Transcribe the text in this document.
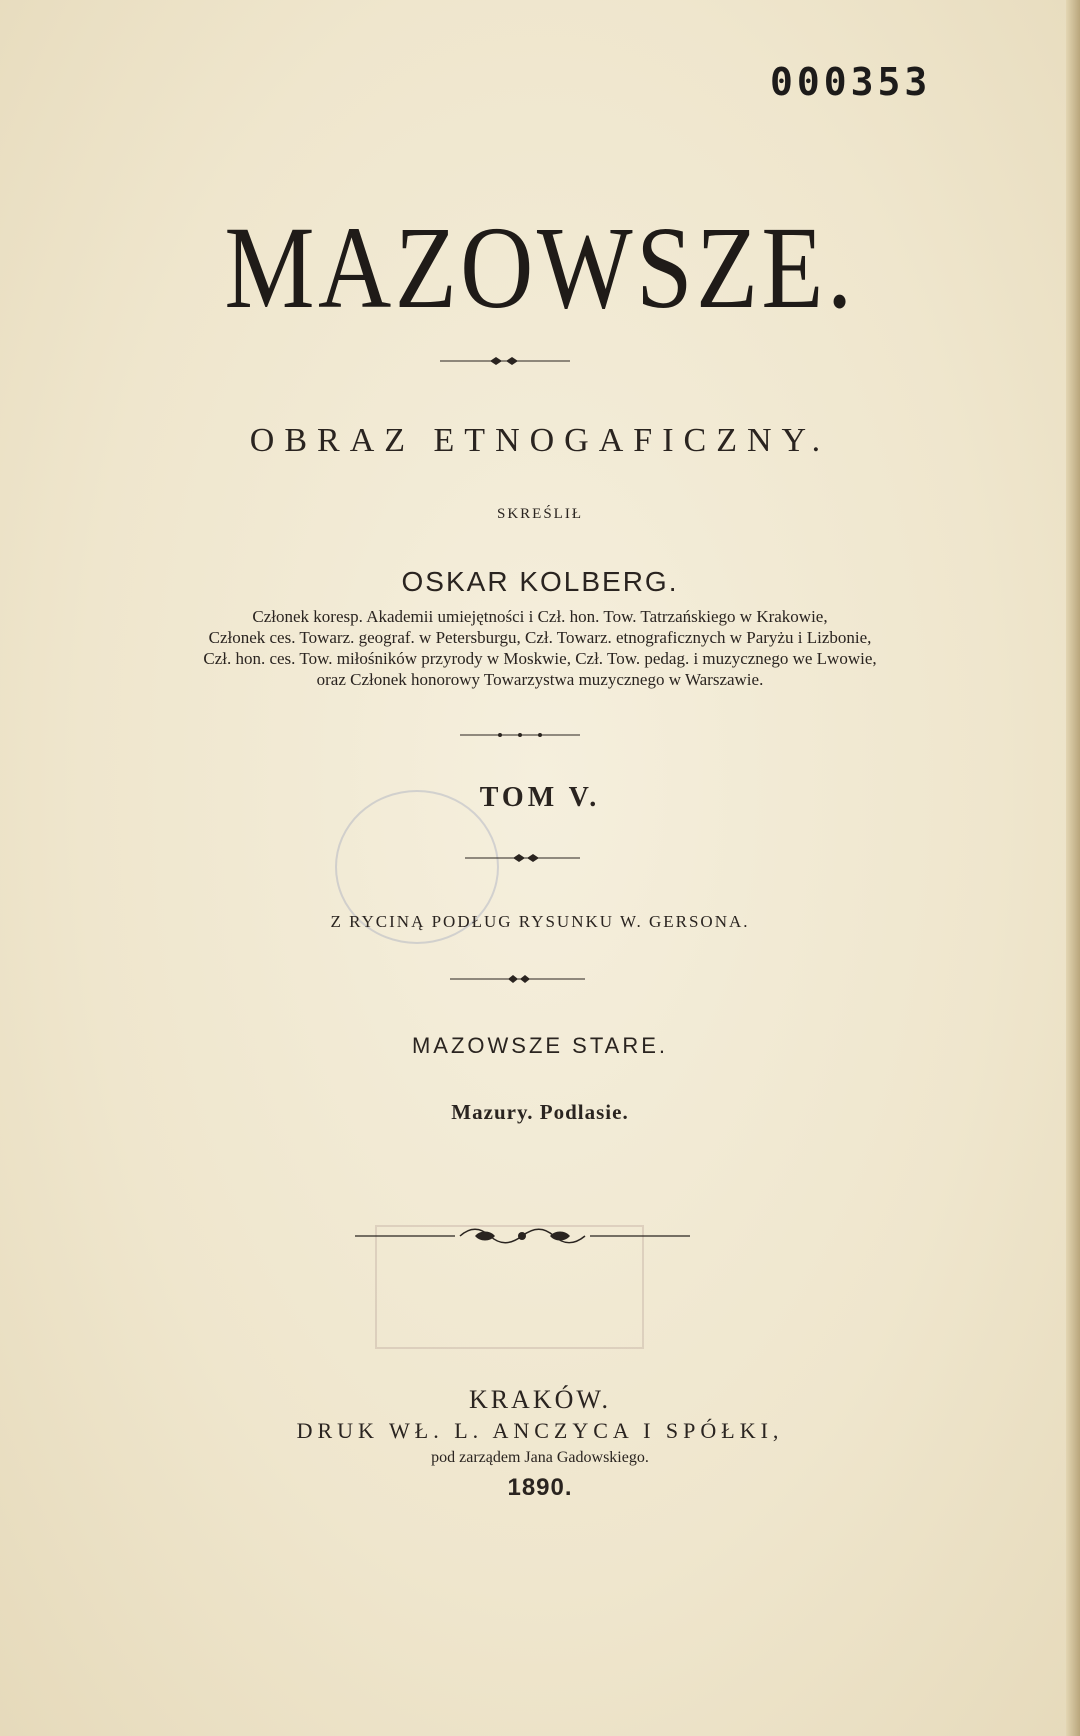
000353
MAZOWSZE.
OBRAZ ETNOGAFICZNY.
SKREŚLIŁ
OSKAR KOLBERG.
Członek koresp. Akademii umiejętności i Czł. hon. Tow. Tatrzańskiego w Krakowie,
Członek ces. Towarz. geograf. w Petersburgu, Czł. Towarz. etnograficznych w Paryżu i Lizbonie,
Czł. hon. ces. Tow. miłośników przyrody w Moskwie, Czł. Tow. pedag. i muzycznego we Lwowie,
oraz Członek honorowy Towarzystwa muzycznego w Warszawie.
TOM V.
Z RYCINĄ PODŁUG RYSUNKU W. GERSONA.
MAZOWSZE STARE.
Mazury. Podlasie.
KRAKÓW.
DRUK WŁ. L. ANCZYCA I SPÓŁKI,
pod zarządem Jana Gadowskiego.
1890.
